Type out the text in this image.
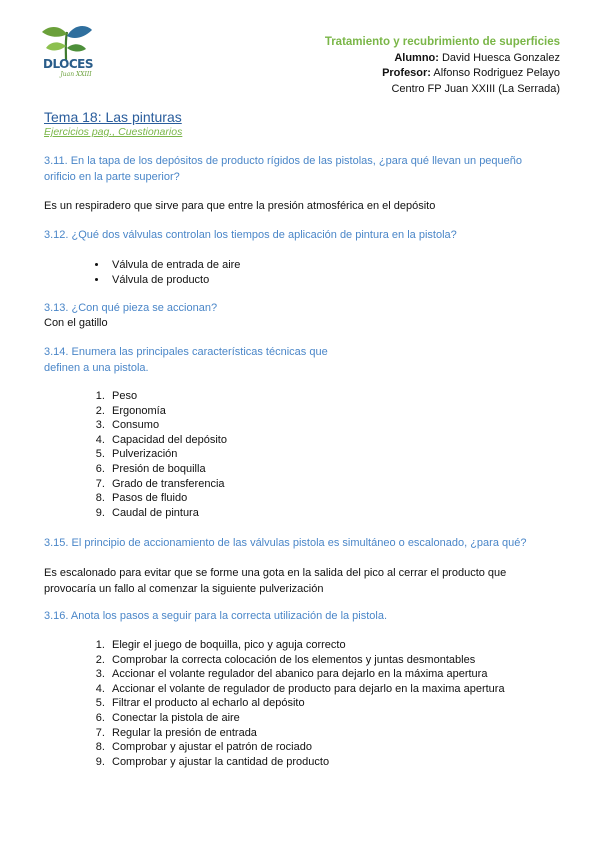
DLOCES
Juan XXIII
Tratamiento y recubrimiento de superficies
Alumno: David Huesca Gonzalez
Profesor: Alfonso Rodriguez Pelayo
Centro FP Juan XXIII (La Serrada)
Tema 18: Las pinturas
Ejercicios pag., Cuestionarios
3.11. En la tapa de los depósitos de producto rígidos de las pistolas, ¿para qué llevan un pequeño
orificio en la parte superior?
Es un respiradero que sirve para que entre la presión atmosférica en el depósito
3.12. ¿Qué dos válvulas controlan los tiempos de aplicación de pintura en la pistola?
• Válvula de entrada de aire
• Válvula de producto
3.13. ¿Con qué pieza se accionan?
Con el gatillo
3.14. Enumera las principales características técnicas que
definen a una pistola.
1. Peso
2. Ergonomía
3. Consumo
4. Capacidad del depósito
5. Pulverización
6. Presión de boquilla
7. Grado de transferencia
8. Pasos de fluido
9. Caudal de pintura
3.15. El principio de accionamiento de las válvulas pistola es simultáneo o escalonado, ¿para qué?
Es escalonado para evitar que se forme una gota en la salida del pico al cerrar el producto que
provocaría un fallo al comenzar la siguiente pulverización
3.16. Anota los pasos a seguir para la correcta utilización de la pistola.
1. Elegir el juego de boquilla, pico y aguja correcto
2. Comprobar la correcta colocación de los elementos y juntas desmontables
3. Accionar el volante regulador del abanico para dejarlo en la máxima apertura
4. Accionar el volante de regulador de producto para dejarlo en la maxima apertura
5. Filtrar el producto al echarlo al depósito
6. Conectar la pistola de aire
7. Regular la presión de entrada
8. Comprobar y ajustar el patrón de rociado
9. Comprobar y ajustar la cantidad de producto
